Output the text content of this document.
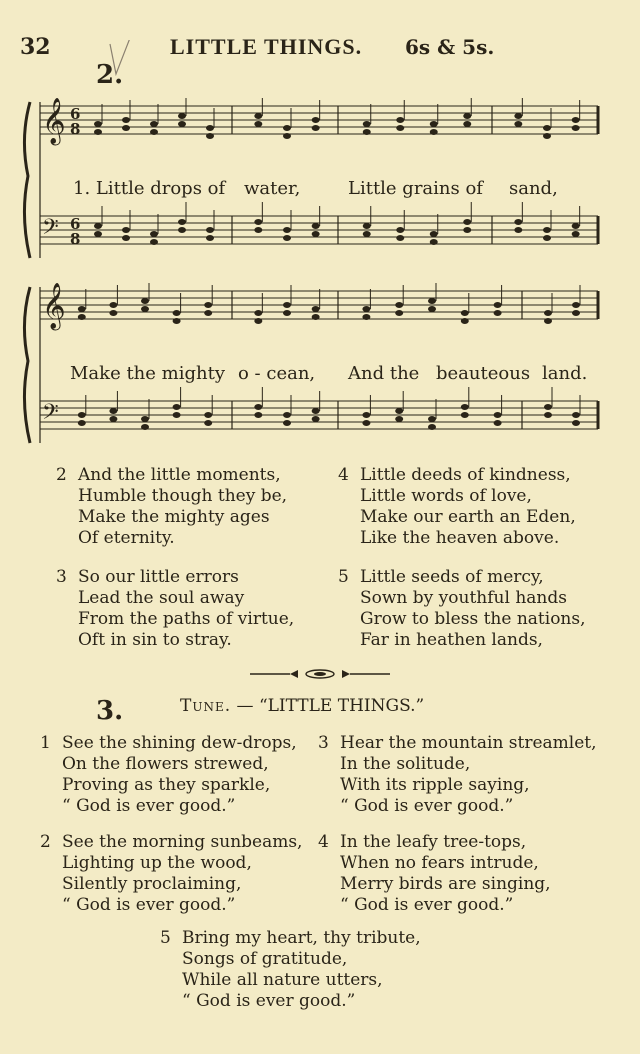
32	LITTLE THINGS. 6s & 5s.
2.
𝄞 6
8
𝄢 6
8
1. Little drops of water,	Little grains of sand,
𝄞
𝄢
Make the mighty o - cean, And the beauteous land.
2 And the little moments,
Humble though they be,
Make the mighty ages
Of eternity.
4 Little deeds of kindness,
Little words of love,
Make our earth an Eden,
Like the heaven above.
3 So our little errors
Lead the soul away
From the paths of virtue,
Oft in sin to stray.
5 Little seeds of mercy,
Sown by youthful hands
Grow to bless the nations,
Far in heathen lands,
3.	Tune. — “LITTLE THINGS.”
1 See the shining dew-drops,
On the flowers strewed,
Proving as they sparkle,
“ God is ever good.”
3 Hear the mountain streamlet,
In the solitude,
With its ripple saying,
“ God is ever good.”
2 See the morning sunbeams,
Lighting up the wood,
Silently proclaiming,
“ God is ever good.”
4 In the leafy tree-tops,
When no fears intrude,
Merry birds are singing,
“ God is ever good.”
5 Bring my heart, thy tribute,
Songs of gratitude,
While all nature utters,
“ God is ever good.”
